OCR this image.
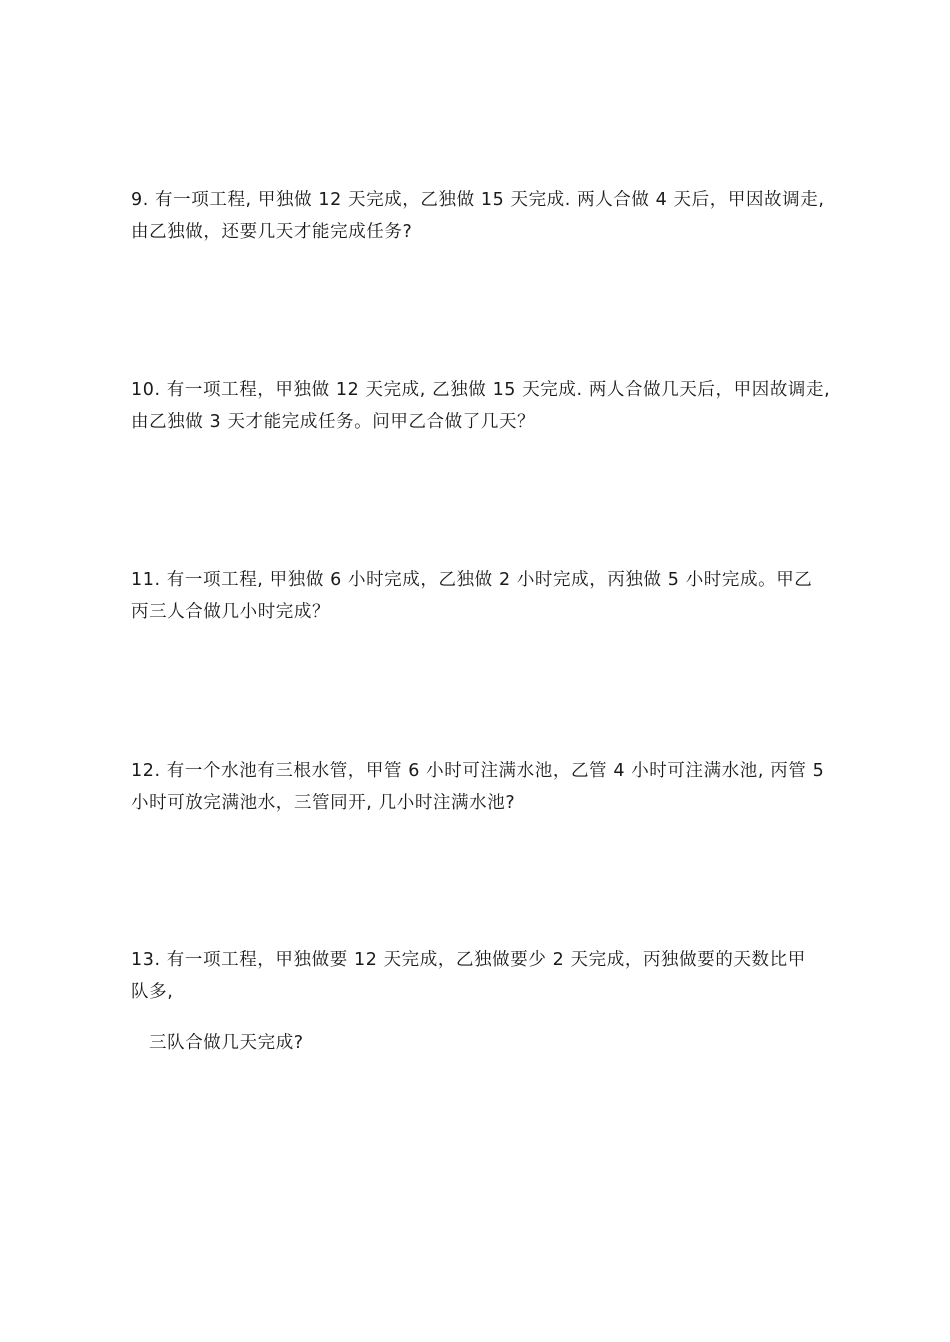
9. 有一项工程, 甲独做 12 天完成，乙独做 15 天完成. 两人合做 4 天后，甲因故调走,
由乙独做，还要几天才能完成任务?

10. 有一项工程，甲独做 12 天完成, 乙独做 15 天完成. 两人合做几天后，甲因故调走,
由乙独做 3 天才能完成任务。问甲乙合做了几天？

11. 有一项工程, 甲独做 6 小时完成，乙独做 2 小时完成，丙独做 5 小时完成。甲乙
丙三人合做几小时完成？

12. 有一个水池有三根水管，甲管 6 小时可注满水池，乙管 4 小时可注满水池, 丙管 5
小时可放完满池水，三管同开, 几小时注满水池?

13. 有一项工程，甲独做要 12 天完成，乙独做要少 2 天完成，丙独做要的天数比甲
队多,

三队合做几天完成?
